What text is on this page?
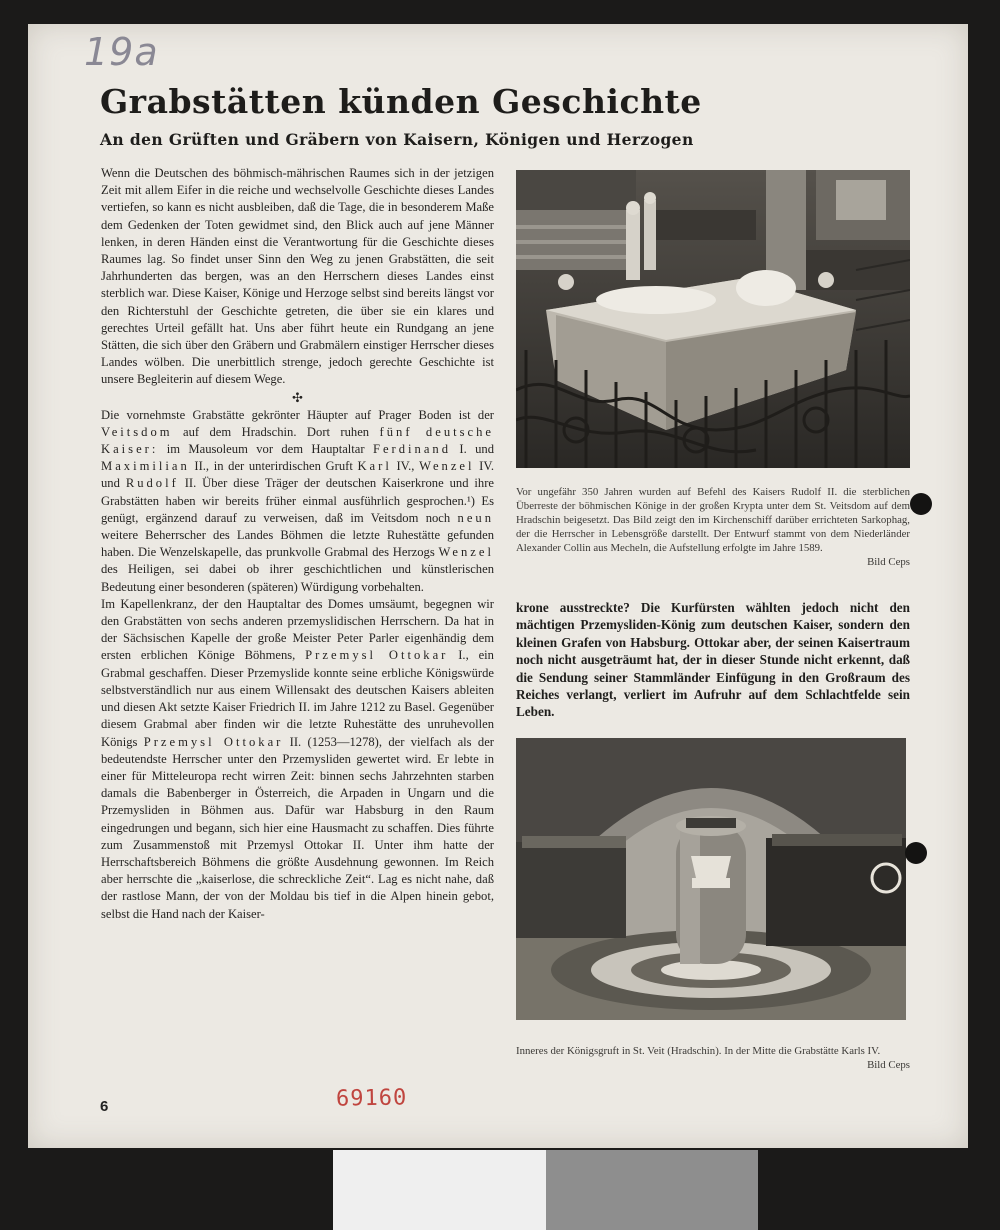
19a
Grabstätten künden Geschichte
An den Grüften und Gräbern von Kaisern, Königen und Herzogen

Wenn die Deutschen des böhmisch-mährischen Raumes sich in der jetzigen Zeit mit allem Eifer in die reiche und wechselvolle Geschichte dieses Landes vertiefen, so kann es nicht ausbleiben, daß die Tage, die in besonderem Maße dem Gedenken der Toten gewidmet sind, den Blick auch auf jene Männer lenken, in deren Händen einst die Verantwortung für die Geschichte dieses Raumes lag. So findet unser Sinn den Weg zu jenen Grabstätten, die seit Jahrhunderten das bergen, was an den Herrschern dieses Landes einst sterblich war. Diese Kaiser, Könige und Herzoge selbst sind bereits längst vor den Richterstuhl der Geschichte getreten, die über sie ein klares und gerechtes Urteil gefällt hat. Uns aber führt heute ein Rundgang an jene Stätten, die sich über den Gräbern und Grabmälern einstiger Herrscher dieses Landes wölben. Die unerbittlich strenge, jedoch gerechte Geschichte ist unsere Begleiterin auf diesem Wege.

✣

Die vornehmste Grabstätte gekrönter Häupter auf Prager Boden ist der Veitsdom auf dem Hradschin. Dort ruhen fünf deutsche Kaiser: im Mausoleum vor dem Hauptaltar Ferdinand I. und Maximilian II., in der unterirdischen Gruft Karl IV., Wenzel IV. und Rudolf II. Über diese Träger der deutschen Kaiserkrone und ihre Grabstätten haben wir bereits früher einmal ausführlich gesprochen.¹) Es genügt, ergänzend darauf zu verweisen, daß im Veitsdom noch neun weitere Beherrscher des Landes Böhmen die letzte Ruhestätte gefunden haben. Die Wenzelskapelle, das prunkvolle Grabmal des Herzogs Wenzel des Heiligen, sei dabei ob ihrer geschichtlichen und künstlerischen Bedeutung einer besonderen (späteren) Würdigung vorbehalten.

Im Kapellenkranz, der den Hauptaltar des Domes umsäumt, begegnen wir den Grabstätten von sechs anderen przemyslidischen Herrschern. Da hat in der Sächsischen Kapelle der große Meister Peter Parler eigenhändig dem ersten erblichen Könige Böhmens, Przemysl Ottokar I., ein Grabmal geschaffen. Dieser Przemyslide konnte seine erbliche Königswürde selbstverständlich nur aus einem Willensakt des deutschen Kaisers ableiten und diesen Akt setzte Kaiser Friedrich II. im Jahre 1212 zu Basel. Gegenüber diesem Grabmal aber finden wir die letzte Ruhestätte des unruhevollen Königs Przemysl Ottokar II. (1253—1278), der vielfach als der bedeutendste Herrscher unter den Przemysliden gewertet wird. Er lebte in einer für Mitteleuropa recht wirren Zeit: binnen sechs Jahrzehnten starben damals die Babenberger in Österreich, die Arpaden in Ungarn und die Przemysliden in Böhmen aus. Dafür war Habsburg in den Raum eingedrungen und begann, sich hier eine Hausmacht zu schaffen. Dies führte zum Zusammenstoß mit Przemysl Ottokar II. Unter ihm hatte der Herrschaftsbereich Böhmens die größte Ausdehnung gewonnen. Im Reich aber herrschte die „kaiserlose, die schreckliche Zeit“. Lag es nicht nahe, daß der rastlose Mann, der von der Moldau bis tief in die Alpen hinein gebot, selbst die Hand nach der Kaiser-

Vor ungefähr 350 Jahren wurden auf Befehl des Kaisers Rudolf II. die sterblichen Überreste der böhmischen Könige in der großen Krypta unter dem St. Veitsdom auf dem Hradschin beigesetzt. Das Bild zeigt den im Kirchenschiff darüber errichteten Sarkophag, der die Herrscher in Lebensgröße darstellt. Der Entwurf stammt von dem Niederländer Alexander Collin aus Mecheln, die Aufstellung erfolgte im Jahre 1589.
Bild Ceps
krone ausstreckte? Die Kurfürsten wählten jedoch nicht den mächtigen Przemysliden-König zum deutschen Kaiser, sondern den kleinen Grafen von Habsburg. Ottokar aber, der seinen Kaisertraum noch nicht ausgeträumt hat, der in dieser Stunde nicht erkennt, daß die Sendung seiner Stammländer Einfügung in den Großraum des Reiches verlangt, verliert im Aufruhr auf dem Schlachtfelde sein Leben.
Inneres der Königsgruft in St. Veit (Hradschin). In der Mitte die Grabstätte Karls IV.
Bild Ceps
6	69160
